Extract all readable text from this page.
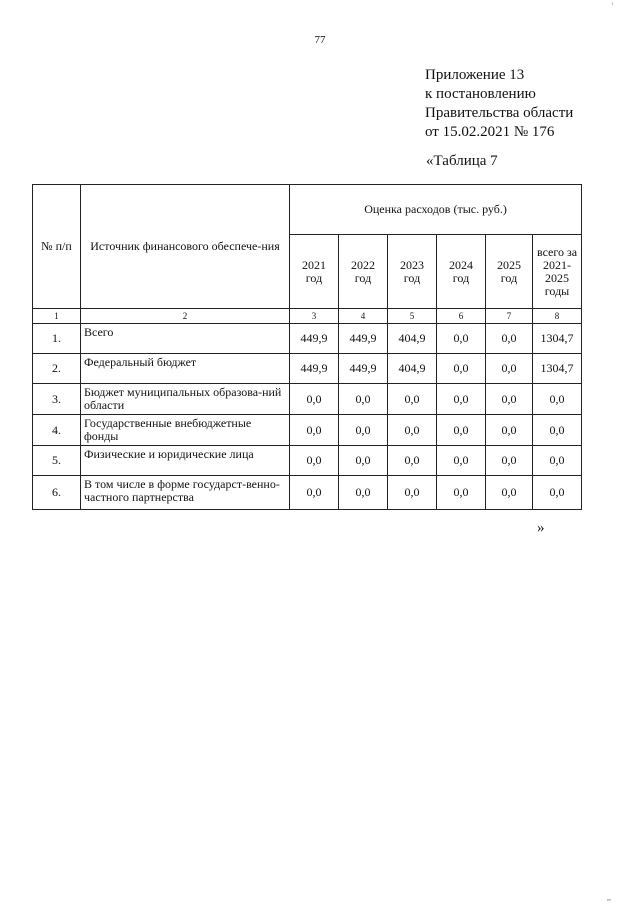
¦
77
Приложение 13
к постановлению
Правительства области
от 15.02.2021 № 176
«Таблица 7
№ п/п	Источник финансового обеспече-ния	Оценка расходов (тыс. руб.)					
		2021 год	2022 год	2023 год	2024 год	2025 год	всего за 2021-2025 годы
1	2	3	4	5	6	7	8
1.	Всего	449,9	449,9	404,9	0,0	0,0	1304,7
2.	Федеральный бюджет	449,9	449,9	404,9	0,0	0,0	1304,7
3.	Бюджет муниципальных образова-ний области	0,0	0,0	0,0	0,0	0,0	0,0
4.	Государственные внебюджетные фонды	0,0	0,0	0,0	0,0	0,0	0,0
5.	Физические и юридические лица	0,0	0,0	0,0	0,0	0,0	0,0
6.	В том числе в форме государст-венно-частного партнерства	0,0	0,0	0,0	0,0	0,0	0,0
»
,,
